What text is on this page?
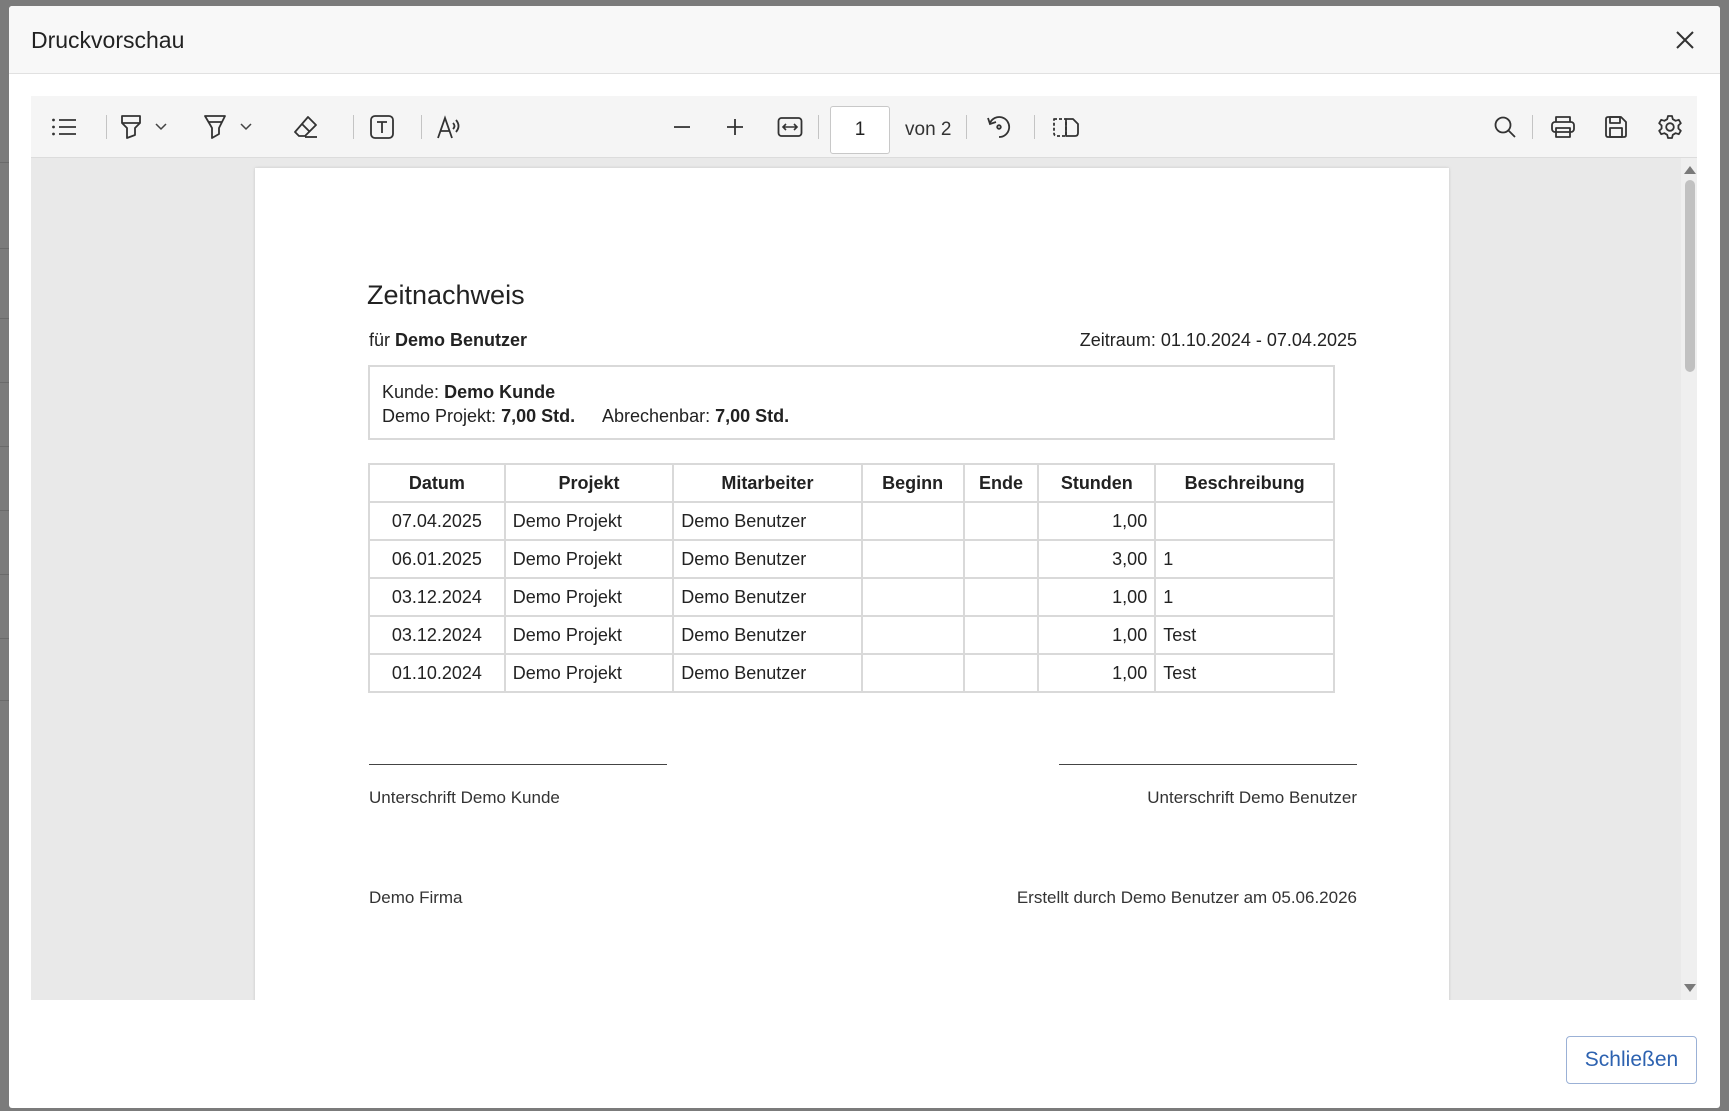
Druckvorschau
1
von 2
Zeitnachweis
für Demo Benutzer	Zeitraum: 01.10.2024 - 07.04.2025
Kunde: Demo Kunde
Demo Projekt: 7,00 Std. Abrechenbar: 7,00 Std.
Datum	Projekt	Mitarbeiter	Beginn	Ende	Stunden	Beschreibung
07.04.2025	Demo Projekt	Demo Benutzer			1,00	
06.01.2025	Demo Projekt	Demo Benutzer			3,00	1
03.12.2024	Demo Projekt	Demo Benutzer			1,00	1
03.12.2024	Demo Projekt	Demo Benutzer			1,00	Test
01.10.2024	Demo Projekt	Demo Benutzer			1,00	Test
Unterschrift Demo Kunde	Unterschrift Demo Benutzer
Demo Firma	Erstellt durch Demo Benutzer am 05.06.2026
Schließen
